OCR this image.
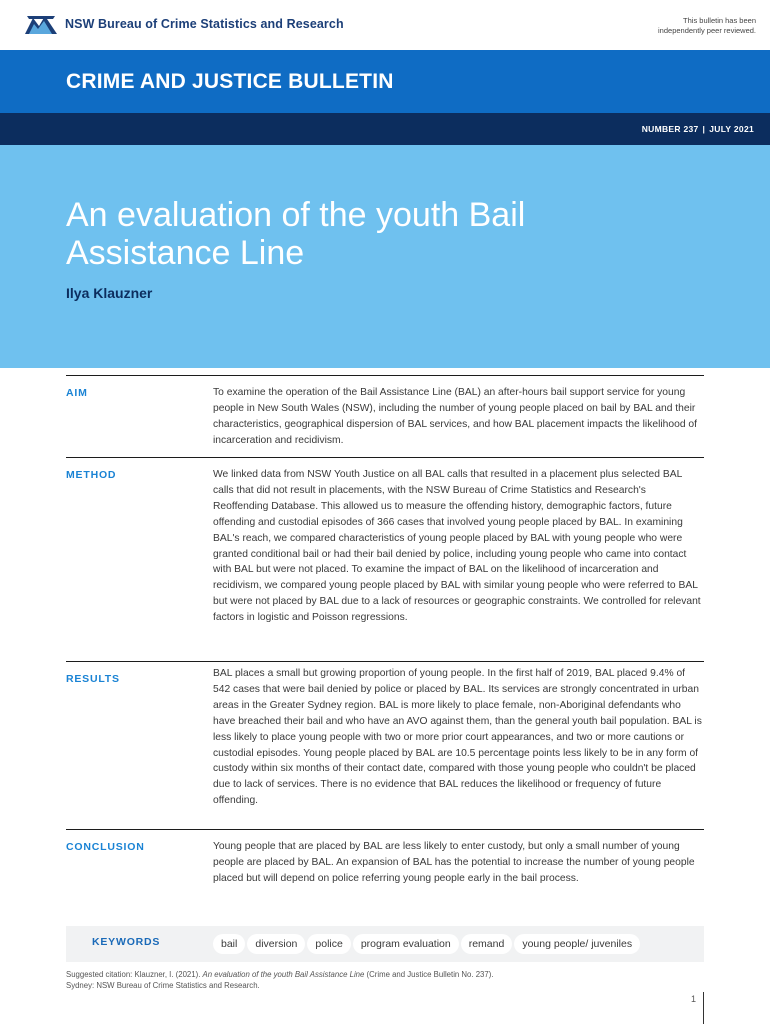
NSW Bureau of Crime Statistics and Research	This bulletin has been
independently peer reviewed.
CRIME AND JUSTICE BULLETIN
NUMBER 237 | JULY 2021
An evaluation of the youth Bail
Assistance Line
Ilya Klauzner
AIM	To examine the operation of the Bail Assistance Line (BAL) an after-hours bail support service for young people in New South Wales (NSW), including the number of young people placed on bail by BAL and their characteristics, geographical dispersion of BAL services, and how BAL placement impacts the likelihood of incarceration and recidivism.

METHOD	We linked data from NSW Youth Justice on all BAL calls that resulted in a placement plus selected BAL calls that did not result in placements, with the NSW Bureau of Crime Statistics and Research's Reoffending Database. This allowed us to measure the offending history, demographic factors, future offending and custodial episodes of 366 cases that involved young people placed by BAL. In examining BAL's reach, we compared characteristics of young people placed by BAL with young people who were granted conditional bail or had their bail denied by police, including young people who came into contact with BAL but were not placed. To examine the impact of BAL on the likelihood of incarceration and recidivism, we compared young people placed by BAL with similar young people who were referred to BAL but were not placed by BAL due to a lack of resources or geographic constraints. We controlled for relevant factors in logistic and Poisson regressions.

RESULTS	BAL places a small but growing proportion of young people. In the first half of 2019, BAL placed 9.4% of 542 cases that were bail denied by police or placed by BAL. Its services are strongly concentrated in urban areas in the Greater Sydney region. BAL is more likely to place female, non-Aboriginal defendants who have breached their bail and who have an AVO against them, than the general youth bail population. BAL is less likely to place young people with two or more prior court appearances, and two or more cautions or custodial episodes. Young people placed by BAL are 10.5 percentage points less likely to be in any form of custody within six months of their contact date, compared with those young people who couldn't be placed due to lack of services. There is no evidence that BAL reduces the likelihood or frequency of future offending.

CONCLUSION	Young people that are placed by BAL are less likely to enter custody, but only a small number of young people are placed by BAL. An expansion of BAL has the potential to increase the number of young people placed but will depend on police referring young people early in the bail process.

KEYWORDS	bail	diversion	police	program evaluation	remand	young people/ juveniles
Suggested citation: Klauzner, I. (2021). An evaluation of the youth Bail Assistance Line (Crime and Justice Bulletin No. 237).
Sydney: NSW Bureau of Crime Statistics and Research.
1
